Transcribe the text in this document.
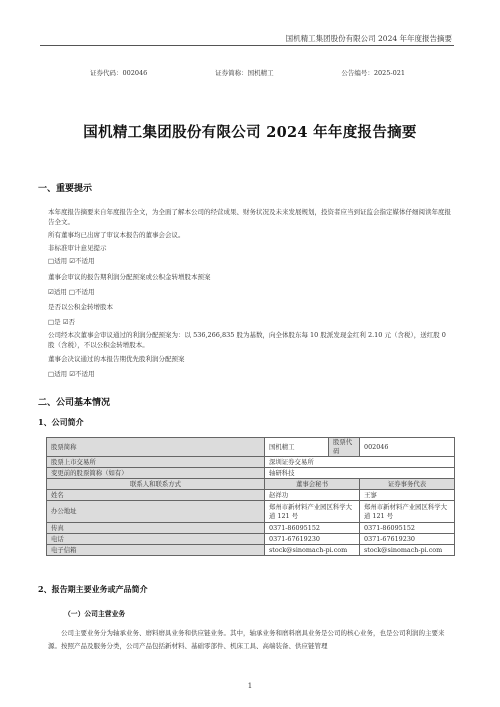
国机精工集团股份有限公司 2024 年年度报告摘要
证券代码：002046	证券简称：国机精工	公告编号：2025-021
国机精工集团股份有限公司 2024 年年度报告摘要
一、重要提示
本年度报告摘要来自年度报告全文，为全面了解本公司的经营成果、财务状况及未来发展规划，投资者应当到证监会指定媒体仔细阅读年度报告全文。
所有董事均已出席了审议本报告的董事会会议。
非标准审计意见提示
□适用 ☑不适用
董事会审议的报告期利润分配预案或公积金转增股本预案
☑适用 □不适用
是否以公积金转增股本
□是 ☑否
公司经本次董事会审议通过的利润分配预案为：以 536,266,835 股为基数，向全体股东每 10 股派发现金红利 2.10 元（含税），送红股 0 股（含税），不以公积金转增股本。
董事会决议通过的本报告期优先股利润分配预案
□适用 ☑不适用
二、公司基本情况
1、公司简介
股票简称	国机精工	股票代码	002046
股票上市交易所	深圳证券交易所		
变更前的股票简称（如有）	轴研科技		
联系人和联系方式	董事会秘书		证券事务代表
姓名	赵祥功		王寥
办公地址	郑州市新材料产业园区科学大道 121 号		郑州市新材料产业园区科学大道 121 号
传真	0371-86095152		0371-86095152
电话	0371-67619230		0371-67619230
电子信箱	stock@sinomach-pi.com		stock@sinomach-pi.com
2、报告期主要业务或产品简介
（一）公司主营业务
公司主要业务分为轴承业务、磨料磨具业务和供应链业务。其中，轴承业务和磨料磨具业务是公司的核心业务，也是公司利润的主要来源。按照产品及服务分类，公司产品包括新材料、基础零部件、机床工具、高端装备、供应链管理
1
